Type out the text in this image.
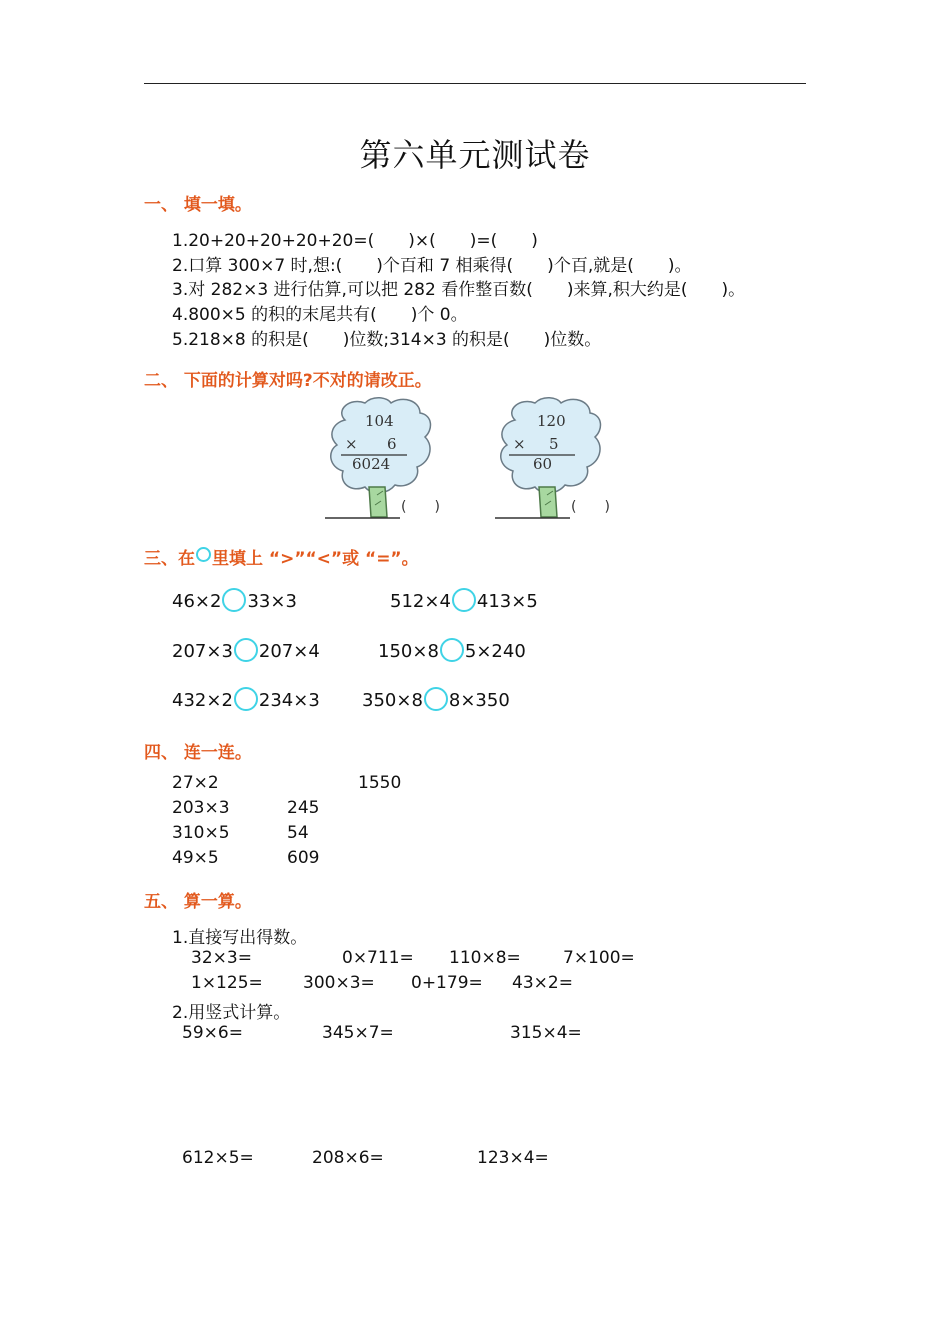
第六单元测试卷
一、 填一填。
1.20+20+20+20+20=(　　)×(　　)=(　　)
2.口算 300×7 时,想:(　　)个百和 7 相乘得(　　)个百,就是(　　)。
3.对 282×3 进行估算,可以把 282 看作整百数(　　)来算,积大约是(　　)。
4.800×5 的积的末尾共有(　　)个 0。
5.218×8 的积是(　　)位数;314×3 的积是(　　)位数。
二、 下面的计算对吗?不对的请改正。
104
× 6
6024
(　　)
120
× 5
60
(　　)
三、在 里填上 “>”“<”或 “=”。
46×2 33×3	512×4 413×5
207×3 207×4	150×8 5×240
432×2 234×3 350×8 8×350
四、 连一连。
27×2
203×3
310×5
49×5
1550
245
54
609
五、 算一算。
1.直接写出得数。
32×3=	0×711= 110×8= 7×100=
1×125= 300×3= 0+179= 43×2=
2.用竖式计算。
59×6=	345×7=	315×4=
612×5=	208×6=	123×4=
